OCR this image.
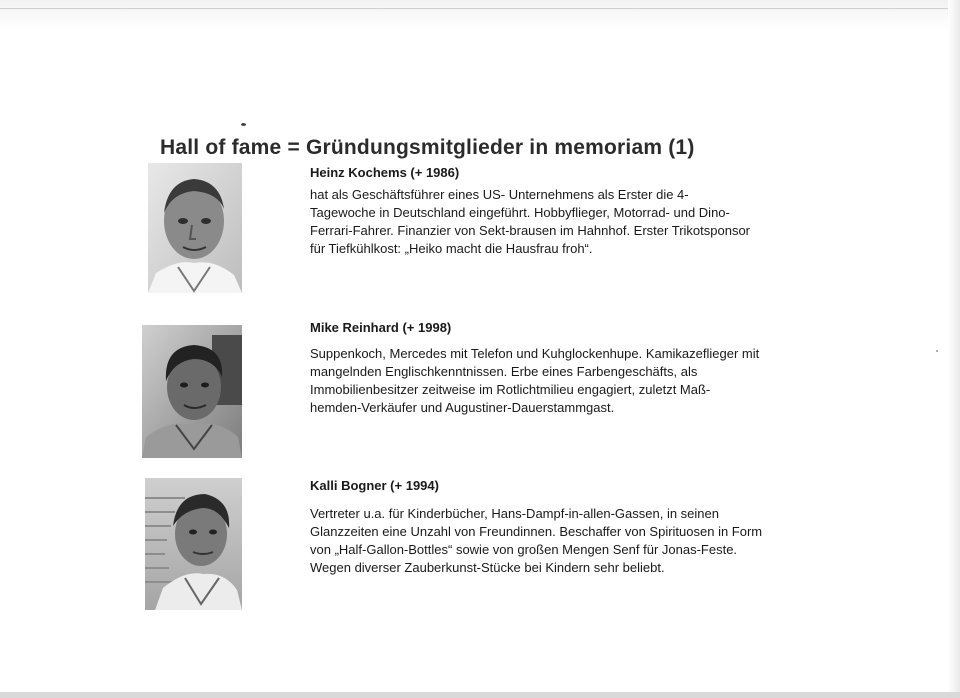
Hall of fame = Gründungsmitglieder in memoriam (1)
Heinz Kochems (+ 1986)
hat als Geschäftsführer eines US- Unternehmens als Erster die 4-Tagewoche in Deutschland eingeführt. Hobbyflieger, Motorrad- und Dino-Ferrari-Fahrer. Finanzier von Sekt-brausen im Hahnhof. Erster Trikotsponsor für Tiefkühlkost: „Heiko macht die Hausfrau froh“.
Mike Reinhard (+ 1998)
Suppenkoch, Mercedes mit Telefon und Kuhglockenhupe. Kamikazeflieger mit mangelnden Englischkenntnissen. Erbe eines Farbengeschäfts, als Immobilienbesitzer zeitweise im Rotlichtmilieu engagiert, zuletzt Maß-hemden-Verkäufer und Augustiner-Dauerstammgast.
Kalli Bogner (+ 1994)
Vertreter u.a. für Kinderbücher, Hans-Dampf-in-allen-Gassen, in seinen Glanzzeiten eine Unzahl von Freundinnen. Beschaffer von Spirituosen in Form von „Half-Gallon-Bottles“ sowie von großen Mengen Senf für Jonas-Feste. Wegen diverser Zauberkunst-Stücke bei Kindern sehr beliebt.
